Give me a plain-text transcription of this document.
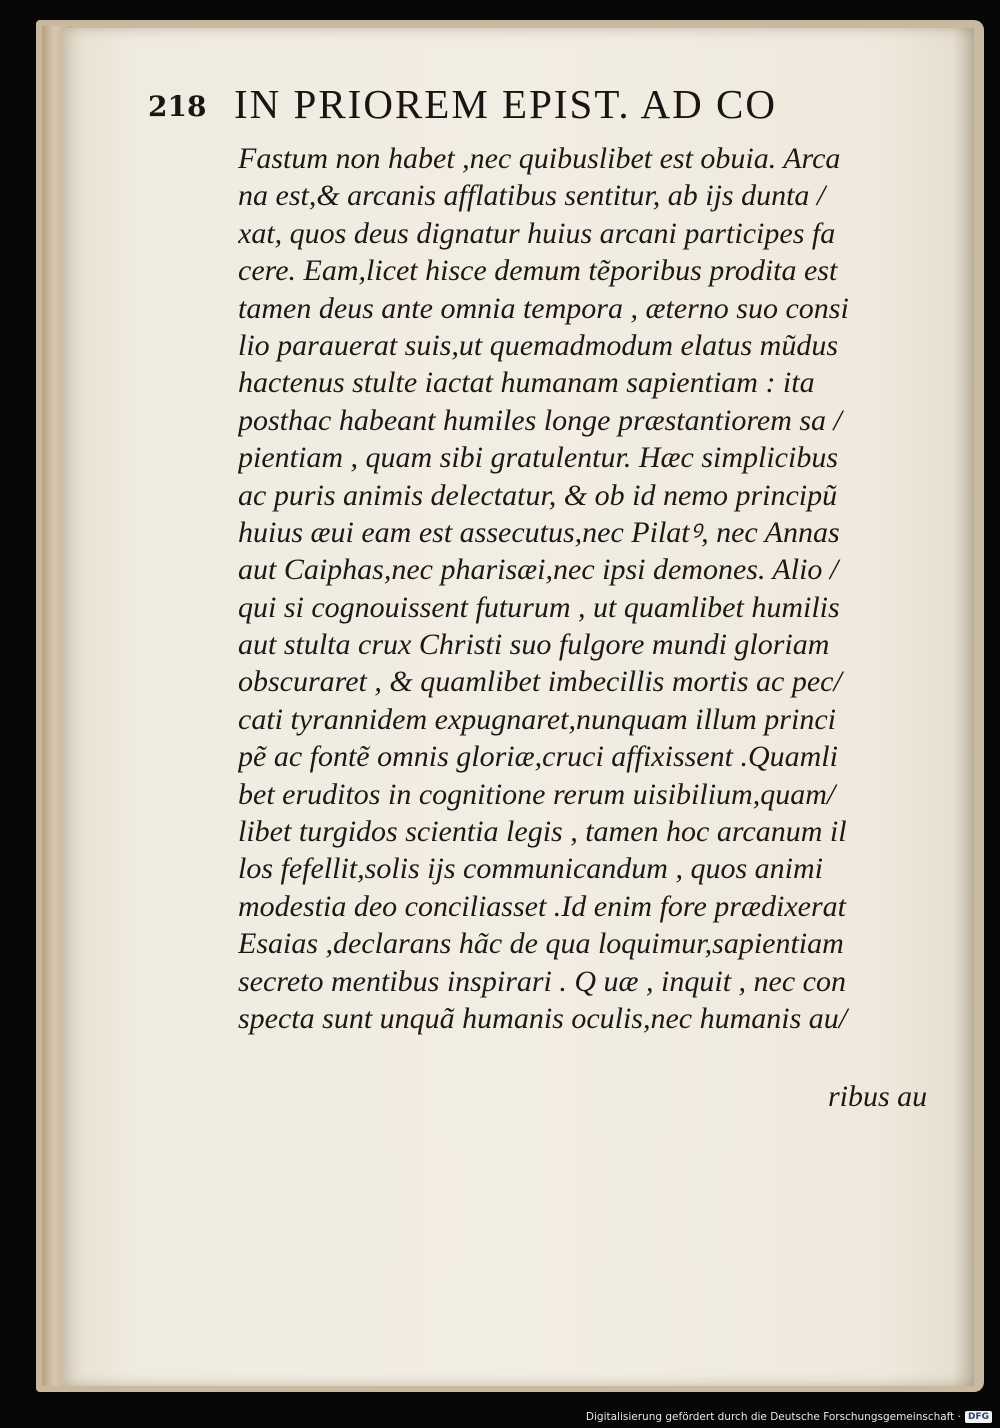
218 IN PRIOREM EPIST. AD CO
Fastum non habet ,nec quibuslibet est obuia. Arca
na est,& arcanis afflatibus sentitur, ab ijs dunta /
xat, quos deus dignatur huius arcani participes fa
cere. Eam,licet hisce demum tẽporibus prodita est
tamen deus ante omnia tempora , æterno suo consi
lio parauerat suis,ut quemadmodum elatus mũdus
hactenus stulte iactat humanam sapientiam : ita
posthac habeant humiles longe præstantiorem sa /
pientiam , quam sibi gratulentur. Hæc simplicibus
ac puris animis delectatur, & ob id nemo principũ
huius æui eam est assecutus,nec Pilatꝰ, nec Annas
aut Caiphas,nec pharisæi,nec ipsi demones. Alio /
qui si cognouissent futurum , ut quamlibet humilis
aut stulta crux Christi suo fulgore mundi gloriam
obscuraret , & quamlibet imbecillis mortis ac pec/
cati tyrannidem expugnaret,nunquam illum princi
pẽ ac fontẽ omnis gloriæ,cruci affixissent .Quamli
bet eruditos in cognitione rerum uisibilium,quam/
libet turgidos scientia legis , tamen hoc arcanum il
los fefellit,solis ijs communicandum , quos animi
modestia deo conciliasset .Id enim fore prædixerat
Esaias ,declarans hãc de qua loquimur,sapientiam
secreto mentibus inspirari . Q uæ , inquit , nec con
specta sunt unquã humanis oculis,nec humanis au/
ribus au
Digitalisierung gefördert durch die Deutsche Forschungsgemeinschaft · DFG
